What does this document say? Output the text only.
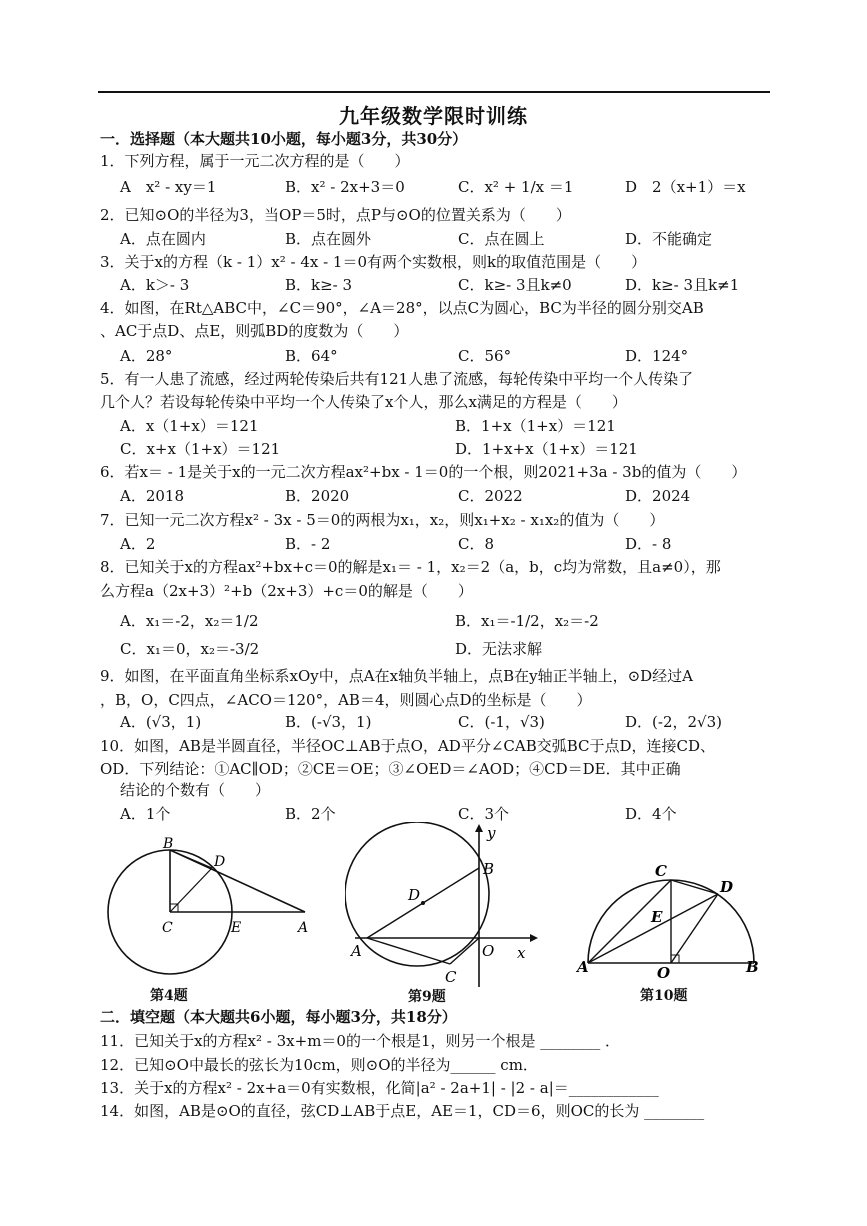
九年级数学限时训练
一．选择题（本大题共10小题，每小题3分，共30分）
1．下列方程，属于一元二次方程的是（　　）
A　x² - xy＝1	B．x² - 2x+3＝0	C．x² + 1/x ＝1	D　2（x+1）＝x
2．已知⊙O的半径为3，当OP＝5时，点P与⊙O的位置关系为（　　）
A．点在圆内	B．点在圆外	C．点在圆上	D．不能确定
3．关于x的方程（k - 1）x² - 4x - 1＝0有两个实数根，则k的取值范围是（　　）
A．k＞- 3	B．k≥- 3	C．k≥- 3且k≠0	D．k≥- 3且k≠1
4．如图，在Rt△ABC中，∠C＝90°，∠A＝28°，以点C为圆心，BC为半径的圆分别交AB
、AC于点D、点E，则弧BD的度数为（　　）
A．28°	B．64°	C．56°	D．124°
5．有一人患了流感，经过两轮传染后共有121人患了流感，每轮传染中平均一个人传染了
几个人？若设每轮传染中平均一个人传染了x个人，那么x满足的方程是（　　）
A．x（1+x）＝121	B．1+x（1+x）＝121
C．x+x（1+x）＝121	D．1+x+x（1+x）＝121
6．若x＝ - 1是关于x的一元二次方程ax²+bx - 1＝0的一个根，则2021+3a - 3b的值为（　　）
A．2018	B．2020	C．2022	D．2024
7．已知一元二次方程x² - 3x - 5＝0的两根为x₁，x₂，则x₁+x₂ - x₁x₂的值为（　　）
A．2	B．- 2	C．8	D．- 8
8．已知关于x的方程ax²+bx+c＝0的解是x₁＝ - 1，x₂＝2（a，b，c均为常数，且a≠0），那
么方程a（2x+3）²+b（2x+3）+c＝0的解是（　　）
A．x₁＝-2，x₂＝1/2	B．x₁＝-1/2，x₂＝-2
C．x₁＝0，x₂＝-3/2	D．无法求解
9．如图，在平面直角坐标系xOy中，点A在x轴负半轴上，点B在y轴正半轴上，⊙D经过A
，B，O，C四点，∠ACO＝120°，AB＝4，则圆心点D的坐标是（　　）
A．(√3，1)	B．(-√3，1)	C．(-1，√3)	D．(-2，2√3)
10．如图，AB是半圆直径，半径OC⊥AB于点O，AD平分∠CAB交弧BC于点D，连接CD、
OD．下列结论：①AC∥OD；②CE＝OE；③∠OED＝∠AOD；④CD＝DE．其中正确
结论的个数有（　　）
A．1个	B．2个	C．3个	D．4个
B
D
C	E	A
第4题
y
B
D
A	O x
C
第9题
C
D
E
A	O	B
第10题
二．填空题（本大题共6小题，每小题3分，共18分）
11．已知关于x的方程x² - 3x+m＝0的一个根是1，则另一个根是 ________ ．
12．已知⊙O中最长的弦长为10cm，则⊙O的半径为______ cm．
13．关于x的方程x² - 2x+a＝0有实数根，化简|a² - 2a+1| - |2 - a|＝____________
14．如图，AB是⊙O的直径，弦CD⊥AB于点E，AE＝1，CD＝6，则OC的长为 ________
